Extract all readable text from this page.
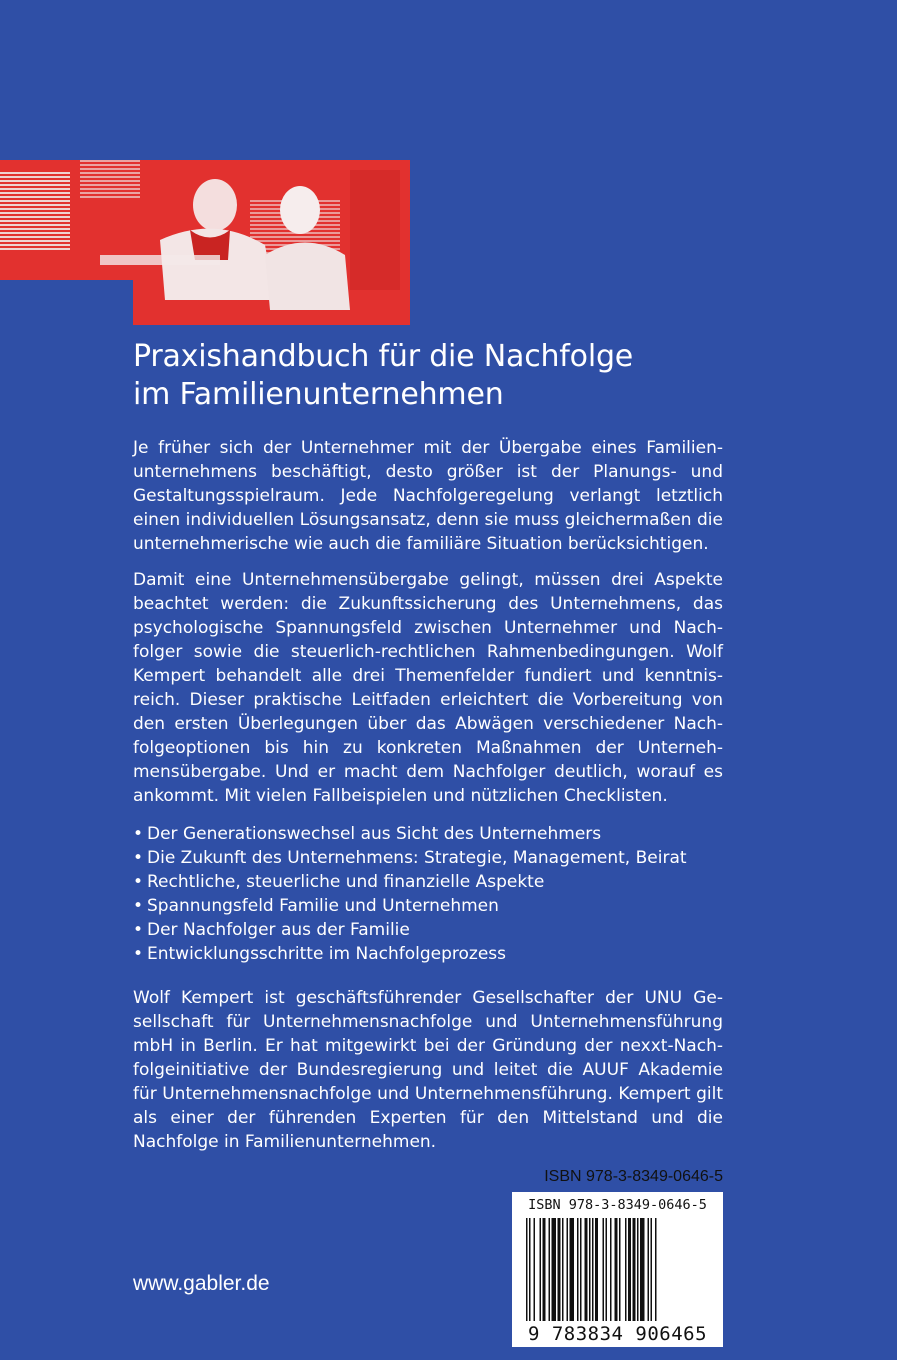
Praxishandbuch für die Nachfolge
im Familienunternehmen

Je früher sich der Unternehmer mit der Übergabe eines Familienunternehmens beschäftigt, desto größer ist der Planungs- und Gestaltungsspielraum. Jede Nachfolgeregelung verlangt letztlich einen individuellen Lösungsansatz, denn sie muss gleichermaßen die unternehmerische wie auch die familiäre Situation berücksichtigen.

Damit eine Unternehmensübergabe gelingt, müssen drei Aspekte beachtet werden: die Zukunftssicherung des Unternehmens, das psychologische Spannungsfeld zwischen Unternehmer und Nachfolger sowie die steuerlich-rechtlichen Rahmenbedingungen. Wolf Kempert behandelt alle drei Themenfelder fundiert und kenntnisreich. Dieser praktische Leitfaden erleichtert die Vorbereitung von den ersten Überlegungen über das Abwägen verschiedener Nachfolgeoptionen bis hin zu konkreten Maßnahmen der Unternehmensübergabe. Und er macht dem Nachfolger deutlich, worauf es ankommt. Mit vielen Fallbeispielen und nützlichen Checklisten.

• Der Generationswechsel aus Sicht des Unternehmers
• Die Zukunft des Unternehmens: Strategie, Management, Beirat
• Rechtliche, steuerliche und finanzielle Aspekte
• Spannungsfeld Familie und Unternehmen
• Der Nachfolger aus der Familie
• Entwicklungsschritte im Nachfolgeprozess

Wolf Kempert ist geschäftsführender Gesellschafter der UNU Gesellschaft für Unternehmensnachfolge und Unternehmensführung mbH in Berlin. Er hat mitgewirkt bei der Gründung der nexxt-Nachfolgeinitiative der Bundesregierung und leitet die AUUF Akademie für Unternehmensnachfolge und Unternehmensführung. Kempert gilt als einer der führenden Experten für den Mittelstand und die Nachfolge in Familienunternehmen.

ISBN 978-3-8349-0646-5
ISBN 978-3-8349-0646-5
9 783834 906465
www.gabler.de
